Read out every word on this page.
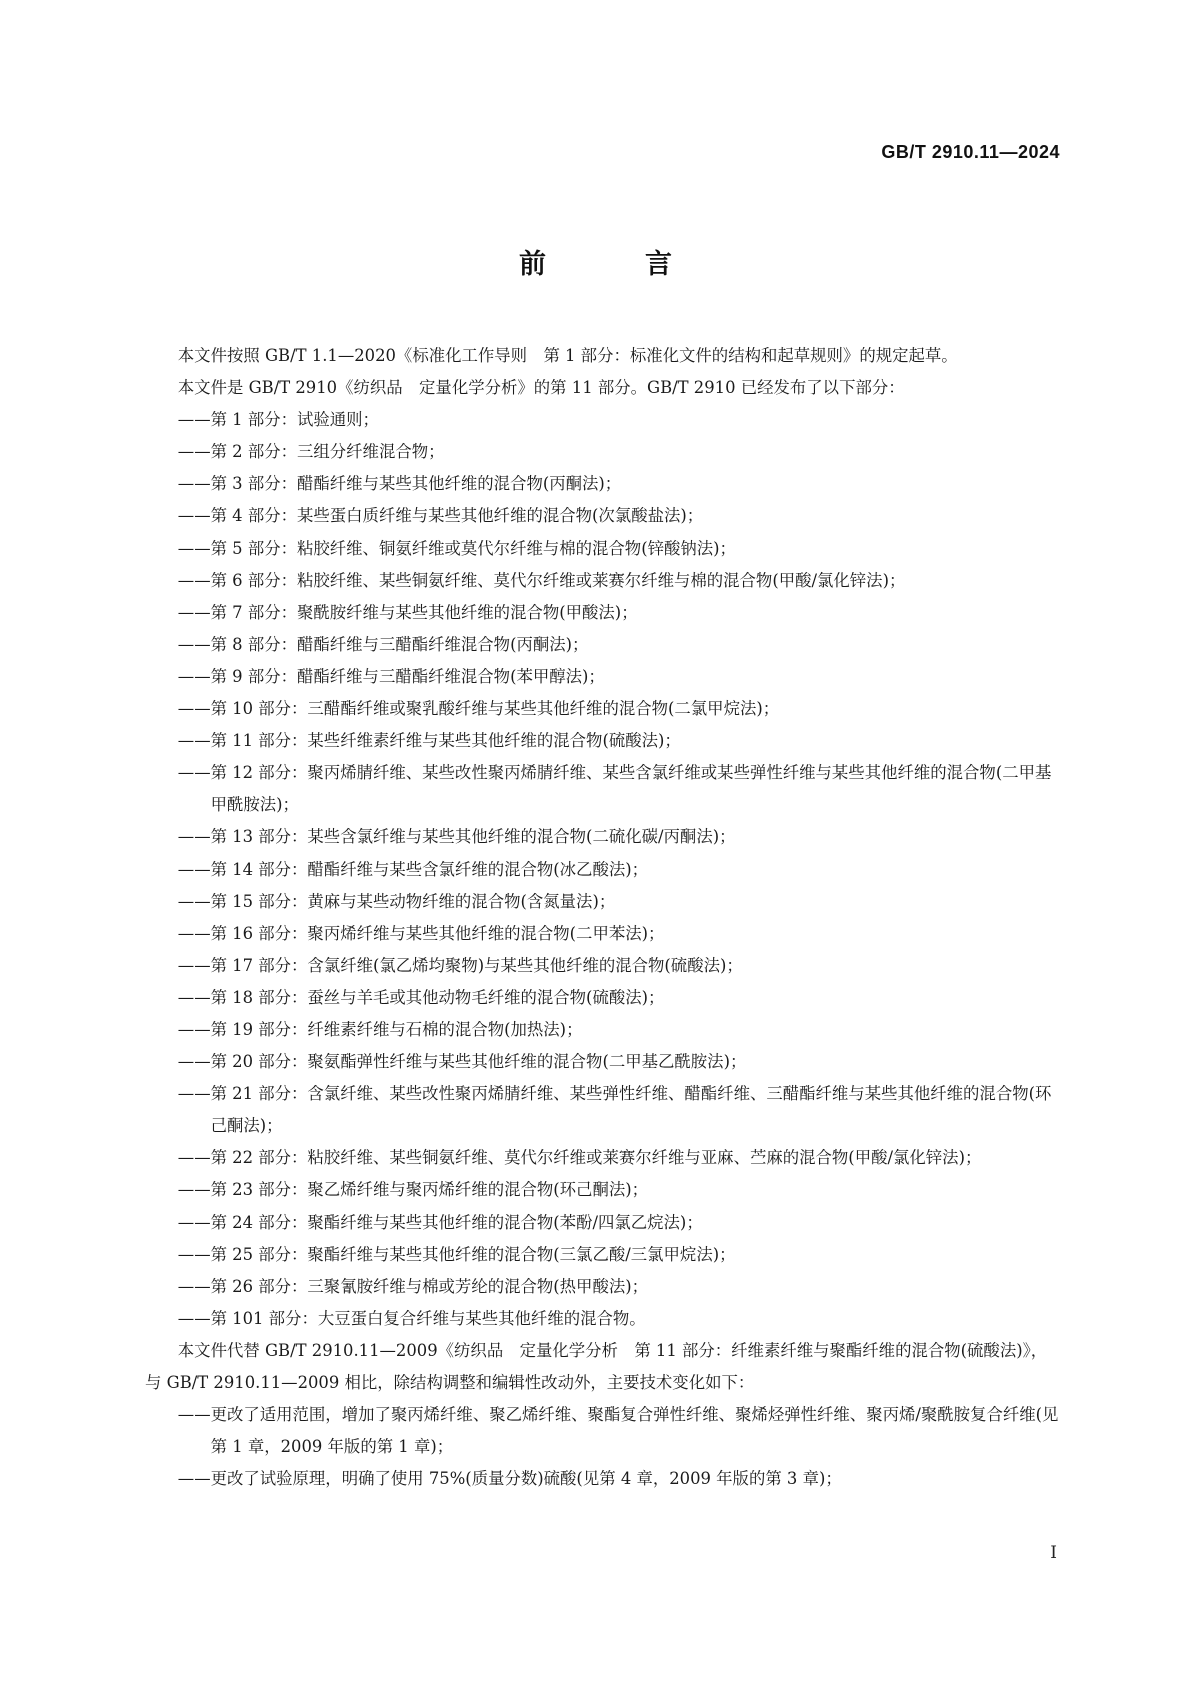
GB/T 2910.11—2024
前　言
本文件按照 GB/T 1.1—2020《标准化工作导则　第 1 部分：标准化文件的结构和起草规则》的规定起草。
本文件是 GB/T 2910《纺织品　定量化学分析》的第 11 部分。GB/T 2910 已经发布了以下部分：
——第 1 部分：试验通则；
——第 2 部分：三组分纤维混合物；
——第 3 部分：醋酯纤维与某些其他纤维的混合物(丙酮法)；
——第 4 部分：某些蛋白质纤维与某些其他纤维的混合物(次氯酸盐法)；
——第 5 部分：粘胶纤维、铜氨纤维或莫代尔纤维与棉的混合物(锌酸钠法)；
——第 6 部分：粘胶纤维、某些铜氨纤维、莫代尔纤维或莱赛尔纤维与棉的混合物(甲酸/氯化锌法)；
——第 7 部分：聚酰胺纤维与某些其他纤维的混合物(甲酸法)；
——第 8 部分：醋酯纤维与三醋酯纤维混合物(丙酮法)；
——第 9 部分：醋酯纤维与三醋酯纤维混合物(苯甲醇法)；
——第 10 部分：三醋酯纤维或聚乳酸纤维与某些其他纤维的混合物(二氯甲烷法)；
——第 11 部分：某些纤维素纤维与某些其他纤维的混合物(硫酸法)；
——第 12 部分：聚丙烯腈纤维、某些改性聚丙烯腈纤维、某些含氯纤维或某些弹性纤维与某些其他纤维的混合物(二甲基甲酰胺法)；
——第 13 部分：某些含氯纤维与某些其他纤维的混合物(二硫化碳/丙酮法)；
——第 14 部分：醋酯纤维与某些含氯纤维的混合物(冰乙酸法)；
——第 15 部分：黄麻与某些动物纤维的混合物(含氮量法)；
——第 16 部分：聚丙烯纤维与某些其他纤维的混合物(二甲苯法)；
——第 17 部分：含氯纤维(氯乙烯均聚物)与某些其他纤维的混合物(硫酸法)；
——第 18 部分：蚕丝与羊毛或其他动物毛纤维的混合物(硫酸法)；
——第 19 部分：纤维素纤维与石棉的混合物(加热法)；
——第 20 部分：聚氨酯弹性纤维与某些其他纤维的混合物(二甲基乙酰胺法)；
——第 21 部分：含氯纤维、某些改性聚丙烯腈纤维、某些弹性纤维、醋酯纤维、三醋酯纤维与某些其他纤维的混合物(环己酮法)；
——第 22 部分：粘胶纤维、某些铜氨纤维、莫代尔纤维或莱赛尔纤维与亚麻、苎麻的混合物(甲酸/氯化锌法)；
——第 23 部分：聚乙烯纤维与聚丙烯纤维的混合物(环己酮法)；
——第 24 部分：聚酯纤维与某些其他纤维的混合物(苯酚/四氯乙烷法)；
——第 25 部分：聚酯纤维与某些其他纤维的混合物(三氯乙酸/三氯甲烷法)；
——第 26 部分：三聚氰胺纤维与棉或芳纶的混合物(热甲酸法)；
——第 101 部分：大豆蛋白复合纤维与某些其他纤维的混合物。
本文件代替 GB/T 2910.11—2009《纺织品　定量化学分析　第 11 部分：纤维素纤维与聚酯纤维的混合物(硫酸法)》，与 GB/T 2910.11—2009 相比，除结构调整和编辑性改动外，主要技术变化如下：
——更改了适用范围，增加了聚丙烯纤维、聚乙烯纤维、聚酯复合弹性纤维、聚烯烃弹性纤维、聚丙烯/聚酰胺复合纤维(见第 1 章，2009 年版的第 1 章)；
——更改了试验原理，明确了使用 75%(质量分数)硫酸(见第 4 章，2009 年版的第 3 章)；
I
